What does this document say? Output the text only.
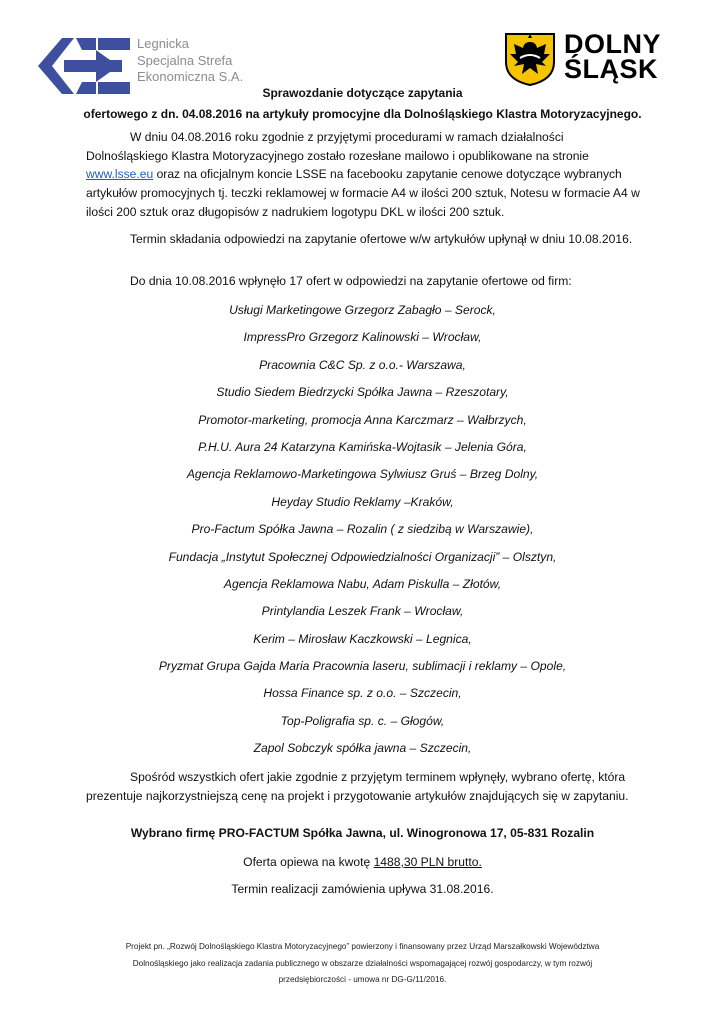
Legnicka
Specjalna Strefa
Ekonomiczna S.A.
DOLNY
ŚLĄSK
Sprawozdanie dotyczące zapytania
ofertowego z dn. 04.08.2016 na artykuły promocyjne dla Dolnośląskiego Klastra Motoryzacyjnego.
W dniu 04.08.2016 roku zgodnie z przyjętymi procedurami w ramach działalności Dolnośląskiego Klastra Motoryzacyjnego zostało rozesłane mailowo i opublikowane na stronie www.lsse.eu oraz na oficjalnym koncie LSSE na facebooku zapytanie cenowe dotyczące wybranych artykułów promocyjnych tj. teczki reklamowej w formacie A4 w ilości 200 sztuk, Notesu w formacie A4 w ilości 200 sztuk oraz długopisów z nadrukiem logotypu DKL w ilości 200 sztuk.
Termin składania odpowiedzi na zapytanie ofertowe w/w artykułów upłynął w dniu 10.08.2016.
Do dnia 10.08.2016 wpłynęło 17 ofert w odpowiedzi na zapytanie ofertowe od firm:
Usługi Marketingowe Grzegorz Zabagło – Serock,
ImpressPro Grzegorz Kalinowski – Wrocław,
Pracownia C&C Sp. z o.o.- Warszawa,
Studio Siedem Biedrzycki Spółka Jawna – Rzeszotary,
Promotor-marketing, promocja Anna Karczmarz – Wałbrzych,
P.H.U. Aura 24 Katarzyna Kamińska-Wojtasik – Jelenia Góra,
Agencja Reklamowo-Marketingowa Sylwiusz Gruś – Brzeg Dolny,
Heyday Studio Reklamy –Kraków,
Pro-Factum Spółka Jawna – Rozalin ( z siedzibą w Warszawie),
Fundacja „Instytut Społecznej Odpowiedzialności Organizacji” – Olsztyn,
Agencja Reklamowa Nabu, Adam Piskulla – Złotów,
Printylandia Leszek Frank – Wrocław,
Kerim – Mirosław Kaczkowski – Legnica,
Pryzmat Grupa Gajda Maria Pracownia laseru, sublimacji i reklamy – Opole,
Hossa Finance sp. z o.o. – Szczecin,
Top-Poligrafia sp. c. – Głogów,
Zapol Sobczyk spółka jawna – Szczecin,
Spośród wszystkich ofert jakie zgodnie z przyjętym terminem wpłynęły, wybrano ofertę, która prezentuje najkorzystniejszą cenę na projekt i przygotowanie artykułów znajdujących się w zapytaniu.
Wybrano firmę PRO-FACTUM Spółka Jawna, ul. Winogronowa 17, 05-831 Rozalin
Oferta opiewa na kwotę 1488,30 PLN brutto.
Termin realizacji zamówienia upływa 31.08.2016.
Projekt pn. „Rozwój Dolnośląskiego Klastra Motoryzacyjnego” powierzony i finansowany przez Urząd Marszałkowski Województwa
Dolnośląskiego jako realizacja zadania publicznego w obszarze działalności wspomagającej rozwój gospodarczy, w tym rozwój
przedsiębiorczości - umowa nr DG-G/11/2016.
